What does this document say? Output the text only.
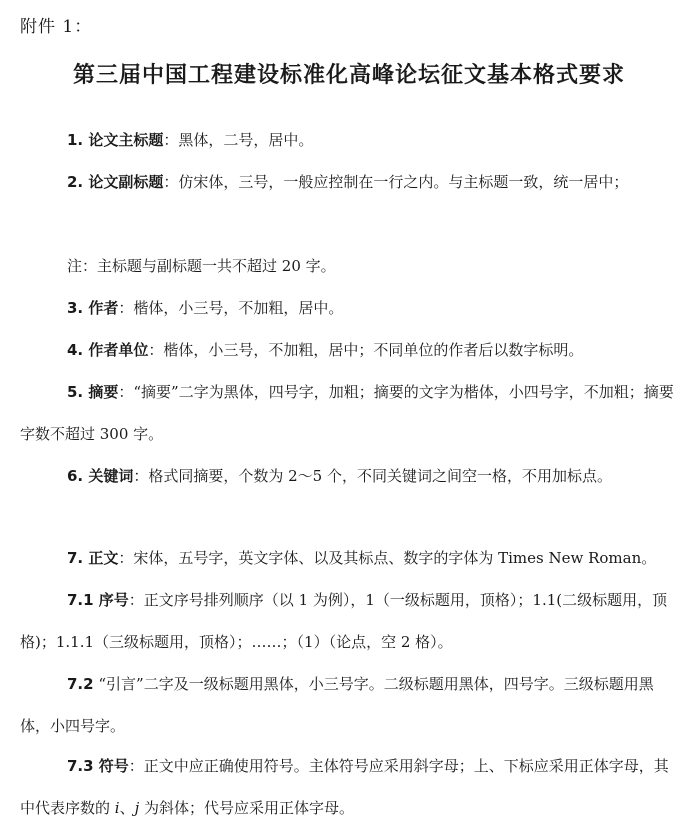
附件 1：
第三届中国工程建设标准化高峰论坛征文基本格式要求
1. 论文主标题：黑体，二号，居中。
2. 论文副标题：仿宋体，三号，一般应控制在一行之内。与主标题一致，统一居中；
注：主标题与副标题一共不超过 20 字。
3. 作者：楷体，小三号，不加粗，居中。
4. 作者单位：楷体，小三号，不加粗，居中；不同单位的作者后以数字标明。
5. 摘要：“摘要”二字为黑体，四号字，加粗；摘要的文字为楷体，小四号字，不加粗；摘要字数不超过 300 字。
6. 关键词：格式同摘要，个数为 2～5 个，不同关键词之间空一格，不用加标点。
7. 正文：宋体，五号字，英文字体、以及其标点、数字的字体为 Times New Roman。
7.1 序号：正文序号排列顺序（以 1 为例），1（一级标题用，顶格）；1.1(二级标题用，顶格)；1.1.1（三级标题用，顶格）；……；（1）（论点，空 2 格）。
7.2 “引言”二字及一级标题用黑体，小三号字。二级标题用黑体，四号字。三级标题用黑体，小四号字。
7.3 符号：正文中应正确使用符号。主体符号应采用斜字母；上、下标应采用正体字母，其中代表序数的 i、j 为斜体；代号应采用正体字母。
